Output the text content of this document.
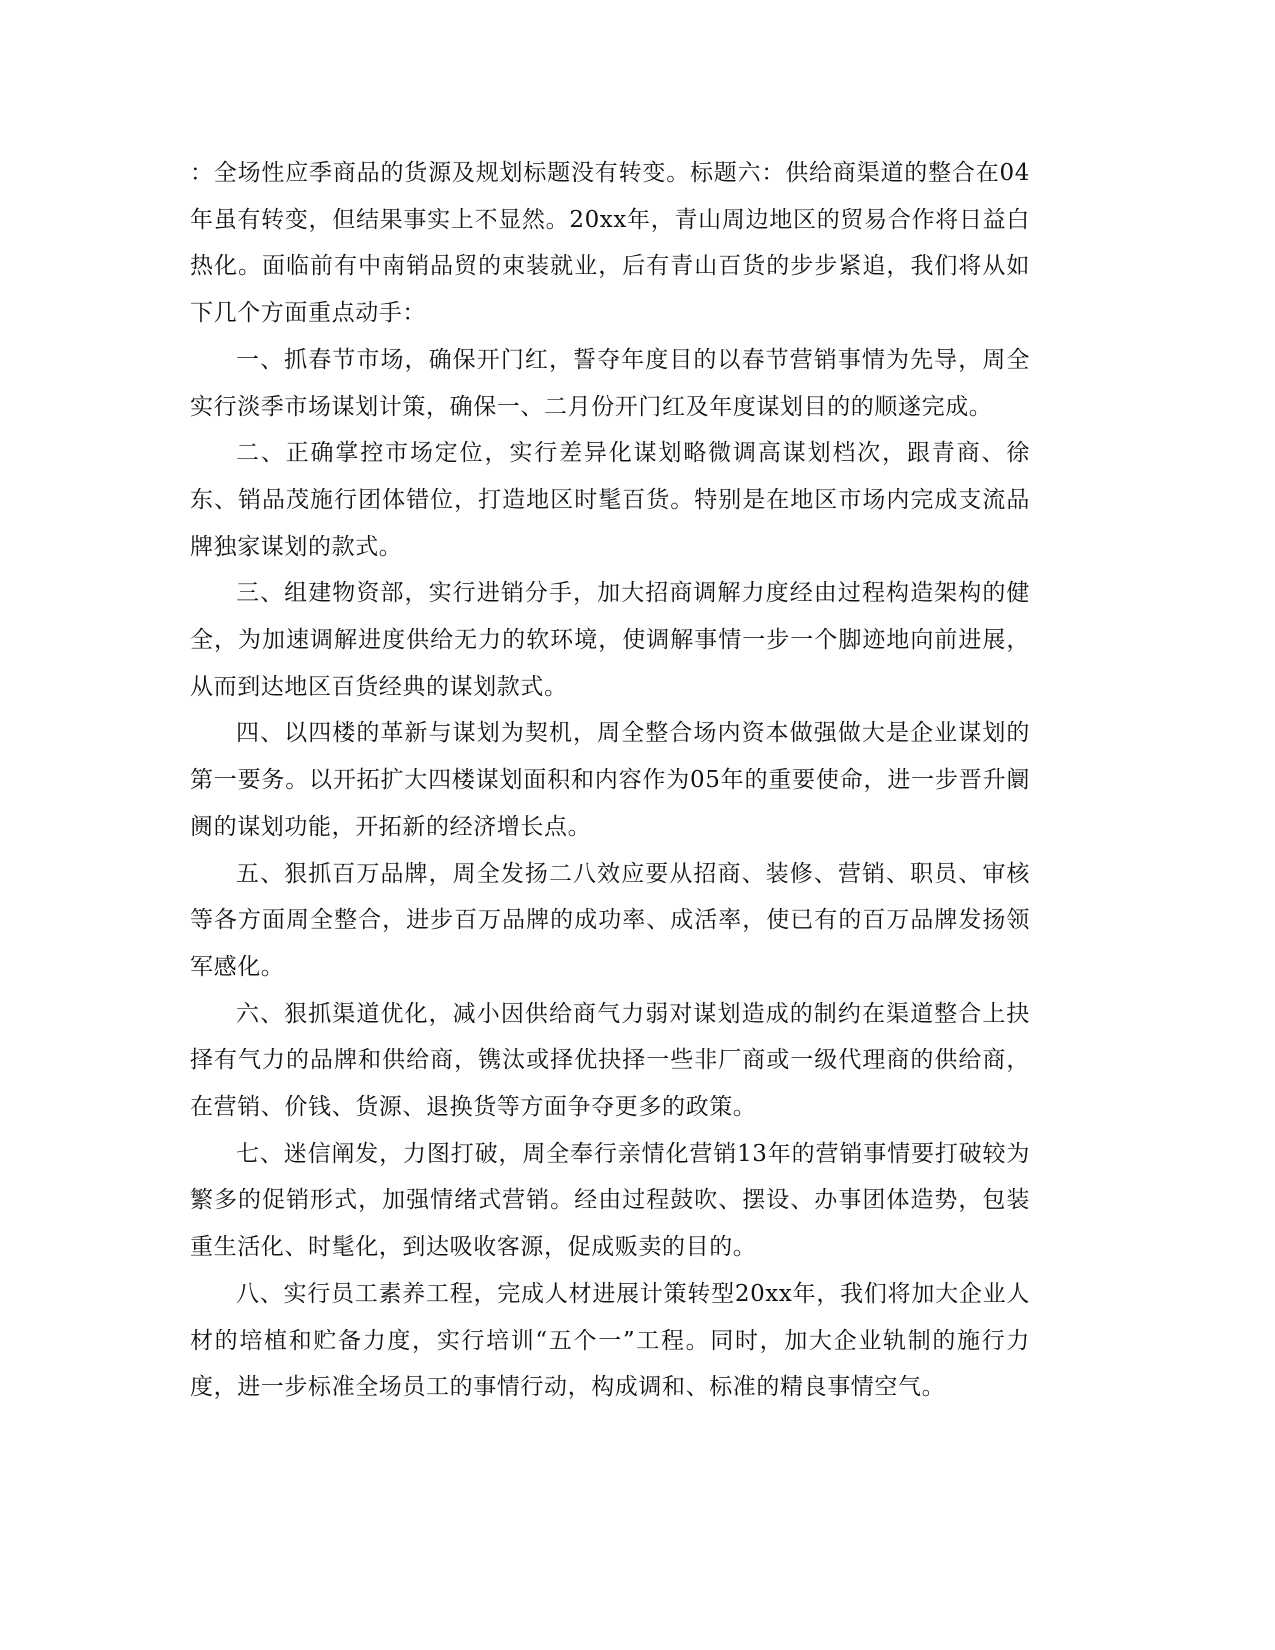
：全场性应季商品的货源及规划标题没有转变。标题六：供给商渠道的整合在04年虽有转变，但结果事实上不显然。20xx年，青山周边地区的贸易合作将日益白热化。面临前有中南销品贸的束装就业，后有青山百货的步步紧追，我们将从如下几个方面重点动手：

一、抓春节市场，确保开门红，誓夺年度目的以春节营销事情为先导，周全实行淡季市场谋划计策，确保一、二月份开门红及年度谋划目的的顺遂完成。

二、正确掌控市场定位，实行差异化谋划略微调高谋划档次，跟青商、徐东、销品茂施行团体错位，打造地区时髦百货。特别是在地区市场内完成支流品牌独家谋划的款式。

三、组建物资部，实行进销分手，加大招商调解力度经由过程构造架构的健全，为加速调解进度供给无力的软环境，使调解事情一步一个脚迹地向前进展，从而到达地区百货经典的谋划款式。

四、以四楼的革新与谋划为契机，周全整合场内资本做强做大是企业谋划的第一要务。以开拓扩大四楼谋划面积和内容作为05年的重要使命，进一步晋升阛阓的谋划功能，开拓新的经济增长点。

五、狠抓百万品牌，周全发扬二八效应要从招商、装修、营销、职员、审核等各方面周全整合，进步百万品牌的成功率、成活率，使已有的百万品牌发扬领军感化。

六、狠抓渠道优化，减小因供给商气力弱对谋划造成的制约在渠道整合上抉择有气力的品牌和供给商，镌汰或择优抉择一些非厂商或一级代理商的供给商，在营销、价钱、货源、退换货等方面争夺更多的政策。

七、迷信阐发，力图打破，周全奉行亲情化营销13年的营销事情要打破较为繁多的促销形式，加强情绪式营销。经由过程鼓吹、摆设、办事团体造势，包装重生活化、时髦化，到达吸收客源，促成贩卖的目的。

八、实行员工素养工程，完成人材进展计策转型20xx年，我们将加大企业人材的培植和贮备力度，实行培训“五个一”工程。同时，加大企业轨制的施行力度，进一步标准全场员工的事情行动，构成调和、标准的精良事情空气。
